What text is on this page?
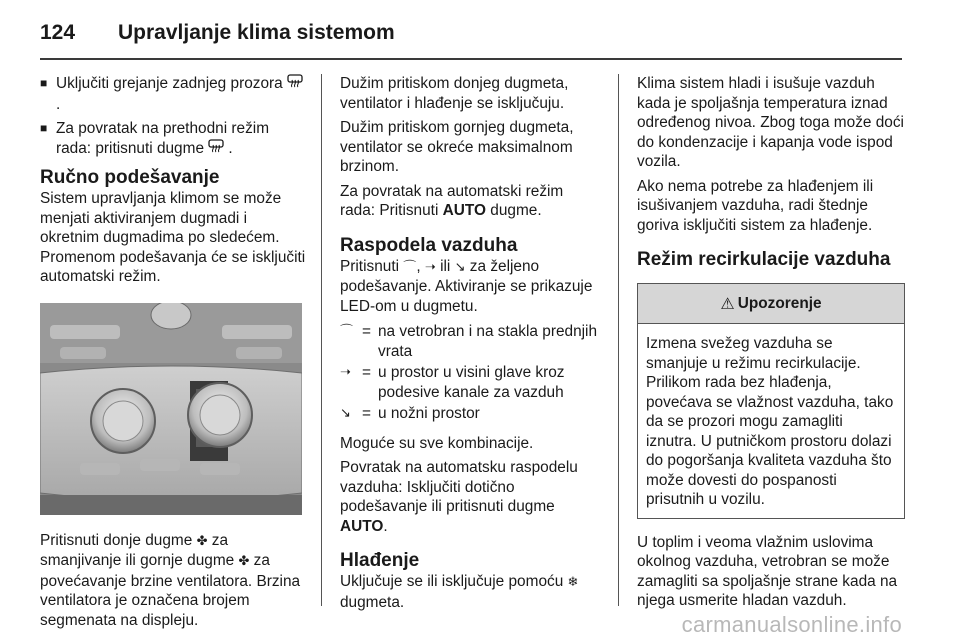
124	Upravljanje klima sistemom
■ Uključiti grejanje zadnjeg prozora  .
■ Za povratak na prethodni režim rada: pritisnuti dugme .
Ručno podešavanje
Sistem upravljanja klimom se može menjati aktiviranjem dugmadi i okretnim dugmadima po sledećem. Promenom podešavanja će se isključiti automatski režim.
Pritisnuti donje dugme ✤ za smanjivanje ili gornje dugme ✤ za povećavanje brzine ventilatora. Brzina ventilatora je označena brojem segmenata na displeju.
Dužim pritiskom donjeg dugmeta, ventilator i hlađenje se isključuju.
Dužim pritiskom gornjeg dugmeta, ventilator se okreće maksimalnom brzinom.
Za povratak na automatski režim rada: Pritisnuti AUTO dugme.
Raspodela vazduha
Pritisnuti ⌒, ➝ ili ↘ za željeno podešavanje. Aktiviranje se prikazuje LED-om u dugmetu.
⌒ = na vetrobran i na stakla prednjih vrata
➝ = u prostor u visini glave kroz podesive kanale za vazduh
↘ = u nožni prostor
Moguće su sve kombinacije.
Povratak na automatsku raspodelu vazduha: Isključiti dotično podešavanje ili pritisnuti dugme AUTO.
Hlađenje
Uključuje se ili isključuje pomoću ❄ dugmeta.
Klima sistem hladi i isušuje vazduh kada je spoljašnja temperatura iznad određenog nivoa. Zbog toga može doći do kondenzacije i kapanja vode ispod vozila.
Ako nema potrebe za hlađenjem ili isušivanjem vazduha, radi štednje goriva isključiti sistem za hlađenje.
Režim recirkulacije vazduha
⚠ Upozorenje
Izmena svežeg vazduha se smanjuje u režimu recirkulacije. Prilikom rada bez hlađenja, povećava se vlažnost vazduha, tako da se prozori mogu zamagliti iznutra. U putničkom prostoru dolazi do pogoršanja kvaliteta vazduha što može dovesti do pospanosti prisutnih u vozilu.
U toplim i veoma vlažnim uslovima okolnog vazduha, vetrobran se može zamagliti sa spoljašnje strane kada na njega usmerite hladan vazduh.
carmanualsonline.info
